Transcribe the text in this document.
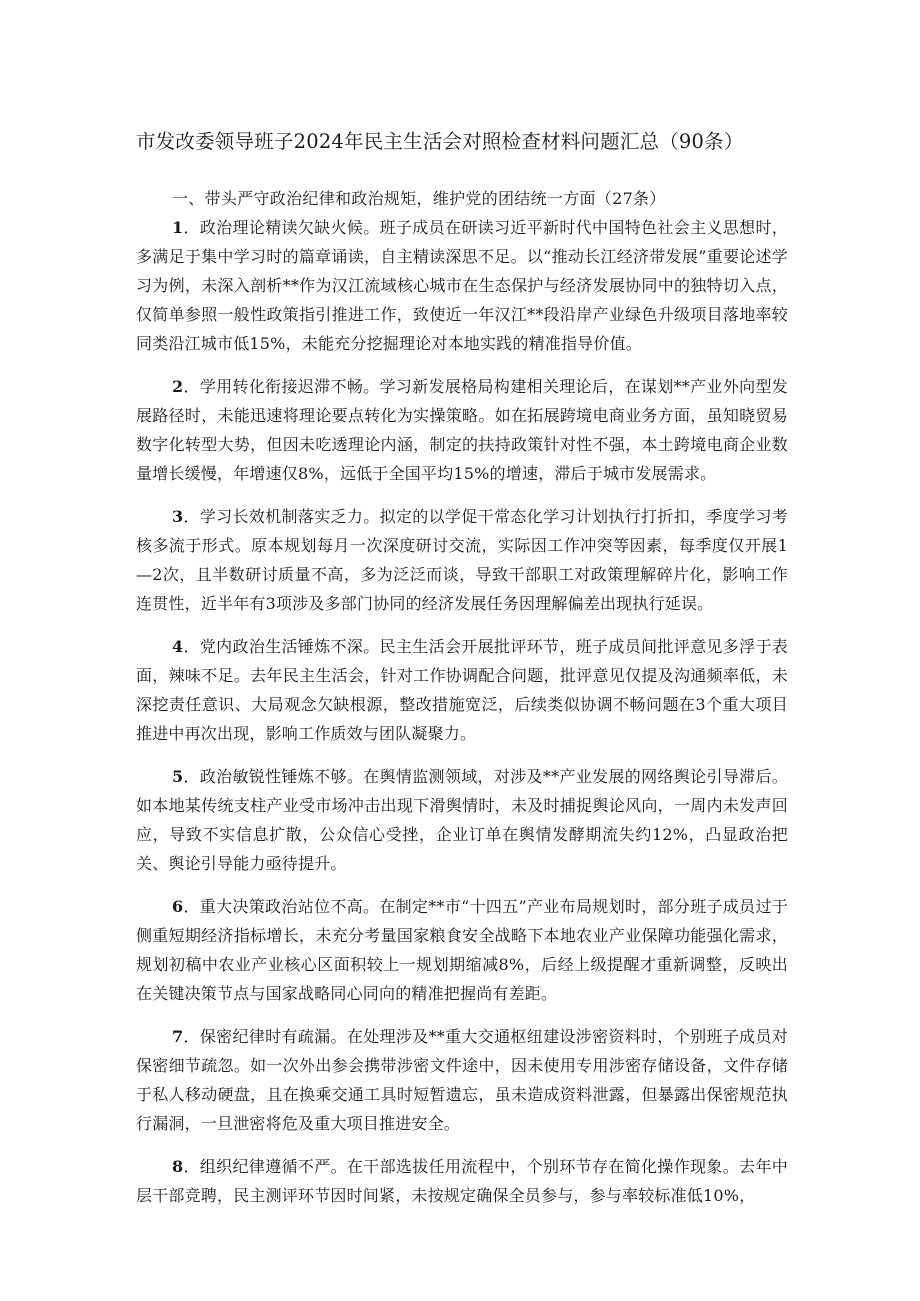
市发改委领导班子2024年民主生活会对照检查材料问题汇总（90条）

一、带头严守政治纪律和政治规矩，维护党的团结统一方面（27条）

1．政治理论精读欠缺火候。班子成员在研读习近平新时代中国特色社会主义思想时，多满足于集中学习时的篇章诵读，自主精读深思不足。以“推动长江经济带发展”重要论述学习为例，未深入剖析**作为汉江流域核心城市在生态保护与经济发展协同中的独特切入点，仅简单参照一般性政策指引推进工作，致使近一年汉江**段沿岸产业绿色升级项目落地率较同类沿江城市低15%，未能充分挖掘理论对本地实践的精准指导价值。

2．学用转化衔接迟滞不畅。学习新发展格局构建相关理论后，在谋划**产业外向型发展路径时，未能迅速将理论要点转化为实操策略。如在拓展跨境电商业务方面，虽知晓贸易数字化转型大势，但因未吃透理论内涵，制定的扶持政策针对性不强，本土跨境电商企业数量增长缓慢，年增速仅8%，远低于全国平均15%的增速，滞后于城市发展需求。

3．学习长效机制落实乏力。拟定的以学促干常态化学习计划执行打折扣，季度学习考核多流于形式。原本规划每月一次深度研讨交流，实际因工作冲突等因素，每季度仅开展1—2次，且半数研讨质量不高，多为泛泛而谈，导致干部职工对政策理解碎片化，影响工作连贯性，近半年有3项涉及多部门协同的经济发展任务因理解偏差出现执行延误。

4．党内政治生活锤炼不深。民主生活会开展批评环节，班子成员间批评意见多浮于表面，辣味不足。去年民主生活会，针对工作协调配合问题，批评意见仅提及沟通频率低，未深挖责任意识、大局观念欠缺根源，整改措施宽泛，后续类似协调不畅问题在3个重大项目推进中再次出现，影响工作质效与团队凝聚力。

5．政治敏锐性锤炼不够。在舆情监测领域，对涉及**产业发展的网络舆论引导滞后。如本地某传统支柱产业受市场冲击出现下滑舆情时，未及时捕捉舆论风向，一周内未发声回应，导致不实信息扩散，公众信心受挫，企业订单在舆情发酵期流失约12%，凸显政治把关、舆论引导能力亟待提升。

6．重大决策政治站位不高。在制定**市“十四五”产业布局规划时，部分班子成员过于侧重短期经济指标增长，未充分考量国家粮食安全战略下本地农业产业保障功能强化需求，规划初稿中农业产业核心区面积较上一规划期缩减8%，后经上级提醒才重新调整，反映出在关键决策节点与国家战略同心同向的精准把握尚有差距。

7．保密纪律时有疏漏。在处理涉及**重大交通枢纽建设涉密资料时，个别班子成员对保密细节疏忽。如一次外出参会携带涉密文件途中，因未使用专用涉密存储设备，文件存储于私人移动硬盘，且在换乘交通工具时短暂遗忘，虽未造成资料泄露，但暴露出保密规范执行漏洞，一旦泄密将危及重大项目推进安全。

8．组织纪律遵循不严。在干部选拔任用流程中，个别环节存在简化操作现象。去年中层干部竞聘，民主测评环节因时间紧，未按规定确保全员参与，参与率较标准低10%，
